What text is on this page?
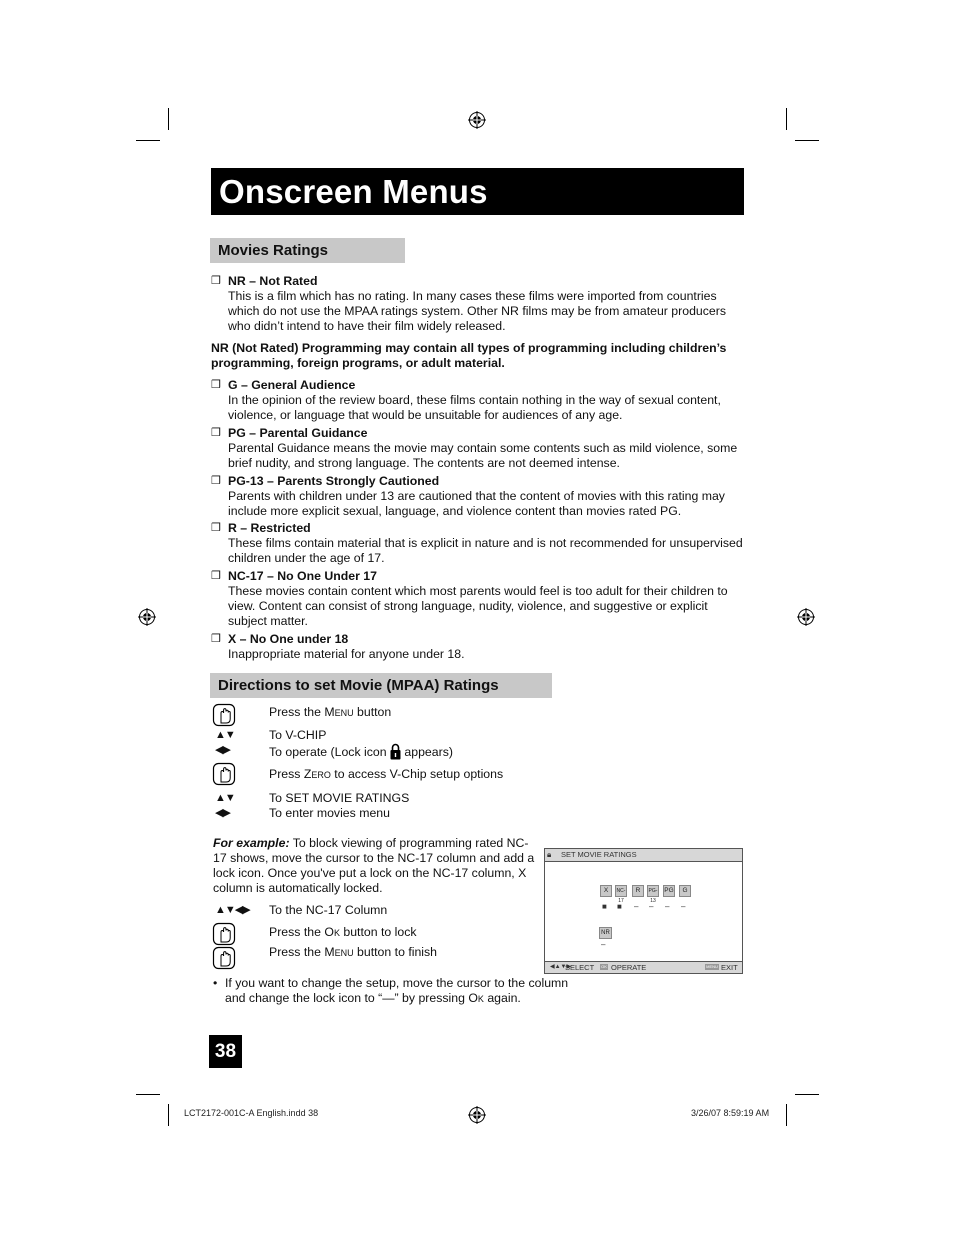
Onscreen Menus
Movies Ratings
❒ NR – Not Rated
This is a film which has no rating. In many cases these films were imported from countries which do not use the MPAA ratings system. Other NR films may be from amateur producers who didn’t intend to have their film widely released.
NR (Not Rated) Programming may contain all types of programming including children’s programming, foreign programs, or adult material.
❒ G – General Audience
In the opinion of the review board, these films contain nothing in the way of sexual content, violence, or language that would be unsuitable for audiences of any age.
❒ PG – Parental Guidance
Parental Guidance means the movie may contain some contents such as mild violence, some brief nudity, and strong language. The contents are not deemed intense.
❒ PG-13 – Parents Strongly Cautioned
Parents with children under 13 are cautioned that the content of movies with this rating may include more explicit sexual, language, and violence content than movies rated PG.
❒ R – Restricted
These films contain material that is explicit in nature and is not recommended for unsupervised children under the age of 17.
❒ NC-17 – No One Under 17
These movies contain content which most parents would feel is too adult for their children to view. Content can consist of strong language, nudity, violence, and suggestive or explicit subject matter.
❒ X – No One under 18
Inappropriate material for anyone under 18.
Directions to set Movie (MPAA) Ratings
Press the Menu button
▲▼	To V-CHIP
◀▶	To operate (Lock icon  appears)
Press Zero to access V-Chip setup options
▲▼	To SET MOVIE RATINGS
◀▶	To enter movies menu
For example: To block viewing of programming rated NC-17 shows, move the cursor to the NC-17 column and add a lock icon. Once you've put a lock on the NC-17 column, X column is automatically locked.
▲▼◀▶ To the NC-17 Column
Press the Ok button to lock
Press the Menu button to finish
• If you want to change the setup, move the cursor to the column and change the lock icon to “—” by pressing Ok again.
🔒︎ SET MOVIE RATINGS
X	NC-17
R	PG-13
PG	G
■ ■ – – – –
NR
–
◀▲▼▶
SELECT OK OPERATE	MENU EXIT
38
LCT2172-001C-A English.indd 38	3/26/07 8:59:19 AM
